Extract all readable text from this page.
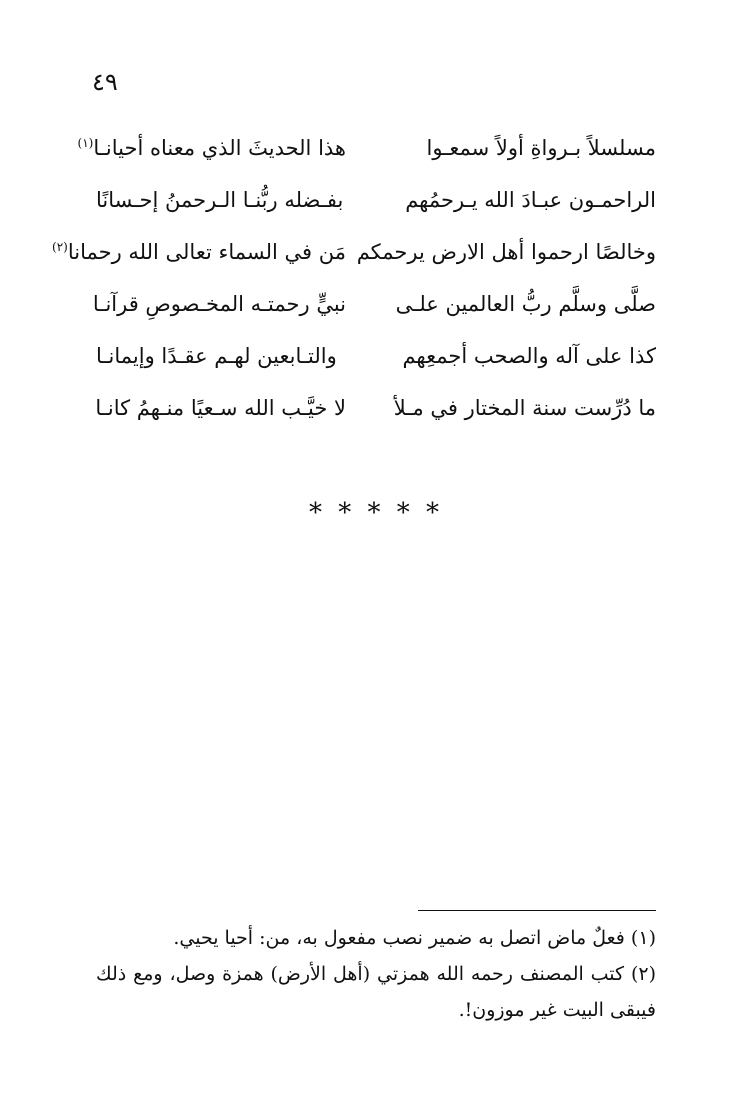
٤٩
مسلسلاً بـرواةِ أولاً سمعـوا
هذا الحديثَ الذي معناه أحيانـا$^{(١)}$
الراحمـون عبـادَ الله يـرحمُهم
بفـضله ربُّنـا الـرحمنُ إحـسانًا
وخالصًا ارحموا أهل الارض يرحمكم
مَن في السماء تعالى الله رحمانا$^{(٢)}$
صلَّى وسلَّم ربُّ العالمين علـى
نبيٍّ رحمتـه المخـصوصِ قرآنـا
كذا على آله والصحب أجمعِهم
والتـابعين لهـم عقـدًا وإيمانـا
ما دُرِّست سنة المختار في مـلأ
لا خيَّـب الله سـعيًا منـهمُ كانـا
* * * * *

(١) فعلٌ ماض اتصل به ضمير نصب مفعول به، من: أحيا يحيي.

(٢) كتب المصنف رحمه الله همزتي (أهل الأرض) همزة وصل، ومع ذلك فيبقى البيت غير موزون!.
